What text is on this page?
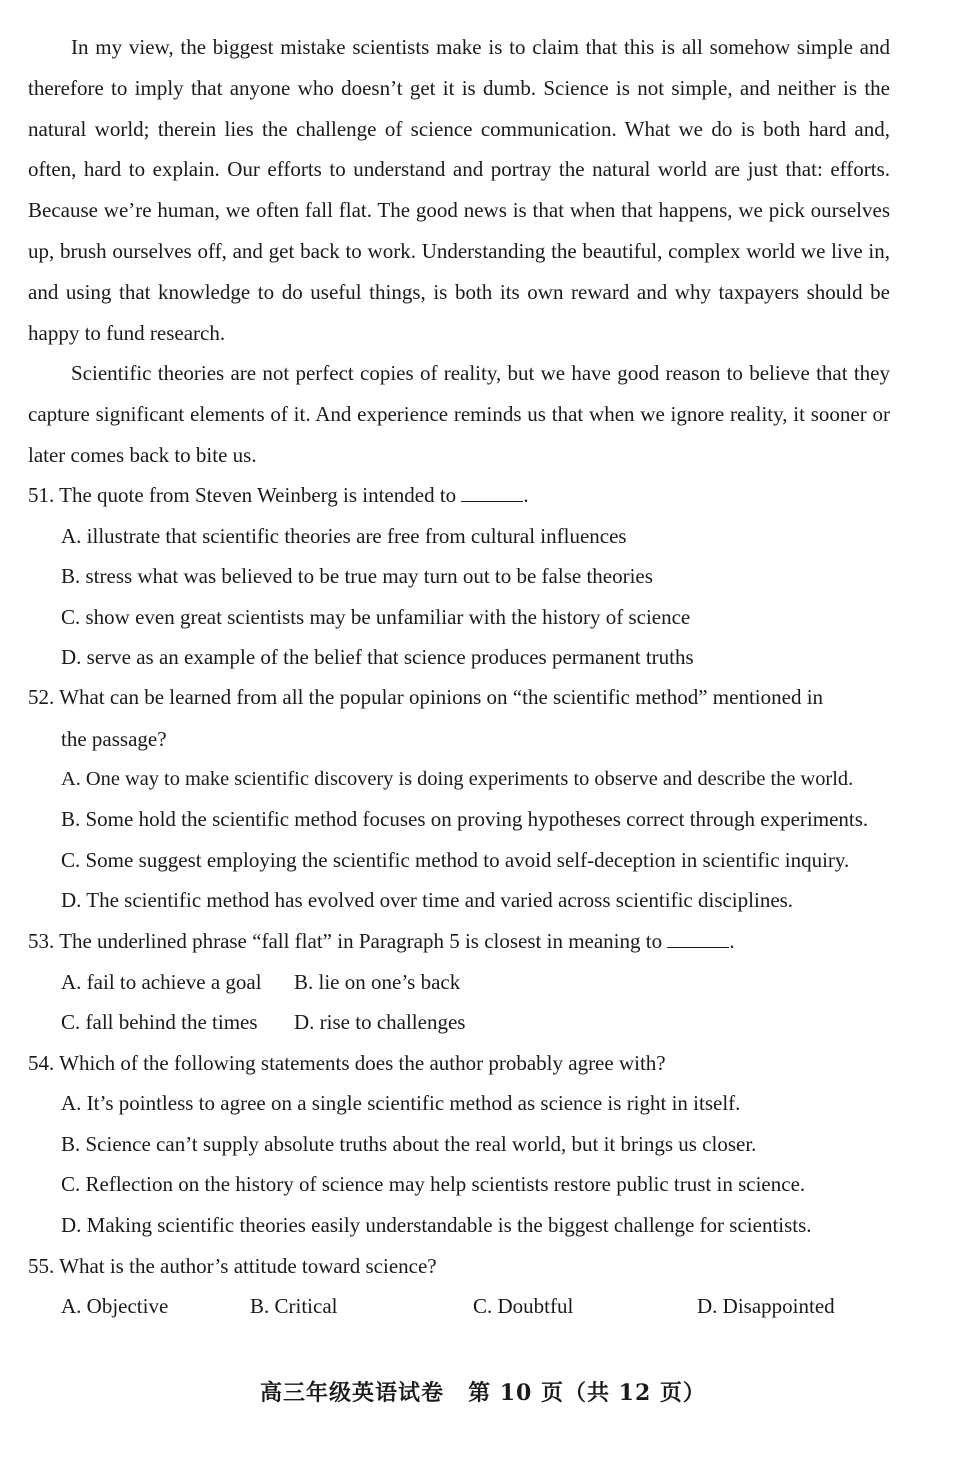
In my view, the biggest mistake scientists make is to claim that this is all somehow simple and therefore to imply that anyone who doesn’t get it is dumb. Science is not simple, and neither is the natural world; therein lies the challenge of science communication. What we do is both hard and, often, hard to explain. Our efforts to understand and portray the natural world are just that: efforts. Because we’re human, we often fall flat. The good news is that when that happens, we pick ourselves up, brush ourselves off, and get back to work. Understanding the beautiful, complex world we live in, and using that knowledge to do useful things, is both its own reward and why taxpayers should be happy to fund research.

Scientific theories are not perfect copies of reality, but we have good reason to believe that they capture significant elements of it. And experience reminds us that when we ignore reality, it sooner or later comes back to bite us.

51. The quote from Steven Weinberg is intended to	.
A. illustrate that scientific theories are free from cultural influences
B. stress what was believed to be true may turn out to be false theories
C. show even great scientists may be unfamiliar with the history of science
D. serve as an example of the belief that science produces permanent truths
52. What can be learned from all the popular opinions on “the scientific method” mentioned in
the passage?
A. One way to make scientific discovery is doing experiments to observe and describe the world.
B. Some hold the scientific method focuses on proving hypotheses correct through experiments.
C. Some suggest employing the scientific method to avoid self-deception in scientific inquiry.
D. The scientific method has evolved over time and varied across scientific disciplines.
53. The underlined phrase “fall flat” in Paragraph 5 is closest in meaning to	.
A. fail to achieve a goal B. lie on one’s back
C. fall behind the times D. rise to challenges
54. Which of the following statements does the author probably agree with?
A. It’s pointless to agree on a single scientific method as science is right in itself.
B. Science can’t supply absolute truths about the real world, but it brings us closer.
C. Reflection on the history of science may help scientists restore public trust in science.
D. Making scientific theories easily understandable is the biggest challenge for scientists.
55. What is the author’s attitude toward science?
A. Objective	B. Critical	C. Doubtful	D. Disappointed
高三年级英语试卷 第 10 页（共 12 页）
